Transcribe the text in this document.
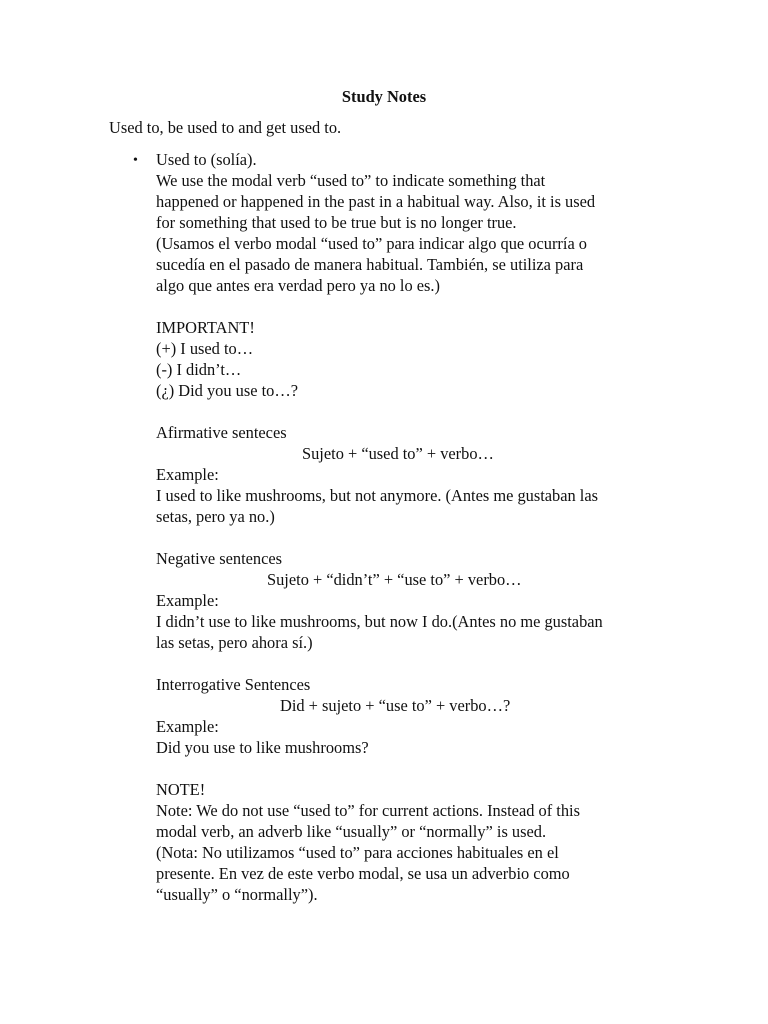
Study Notes
Used to, be used to and get used to.
• Used to (solía).
We use the modal verb “used to” to indicate something that
happened or happened in the past in a habitual way. Also, it is used
for something that used to be true but is no longer true.
(Usamos el verbo modal “used to” para indicar algo que ocurría o
sucedía en el pasado de manera habitual. También, se utiliza para
algo que antes era verdad pero ya no lo es.)
IMPORTANT!
(+) I used to…
(-) I didn’t…
(¿) Did you use to…?
Afirmative senteces
Sujeto + “used to” + verbo…
Example:
I used to like mushrooms, but not anymore. (Antes me gustaban las
setas, pero ya no.)
Negative sentences
Sujeto + “didn’t” + “use to” + verbo…
Example:
I didn’t use to like mushrooms, but now I do.(Antes no me gustaban
las setas, pero ahora sí.)
Interrogative Sentences
Did + sujeto + “use to” + verbo…?
Example:
Did you use to like mushrooms?
NOTE!
Note: We do not use “used to” for current actions. Instead of this
modal verb, an adverb like “usually” or “normally” is used.
(Nota: No utilizamos “used to” para acciones habituales en el
presente. En vez de este verbo modal, se usa un adverbio como
“usually” o “normally”).
